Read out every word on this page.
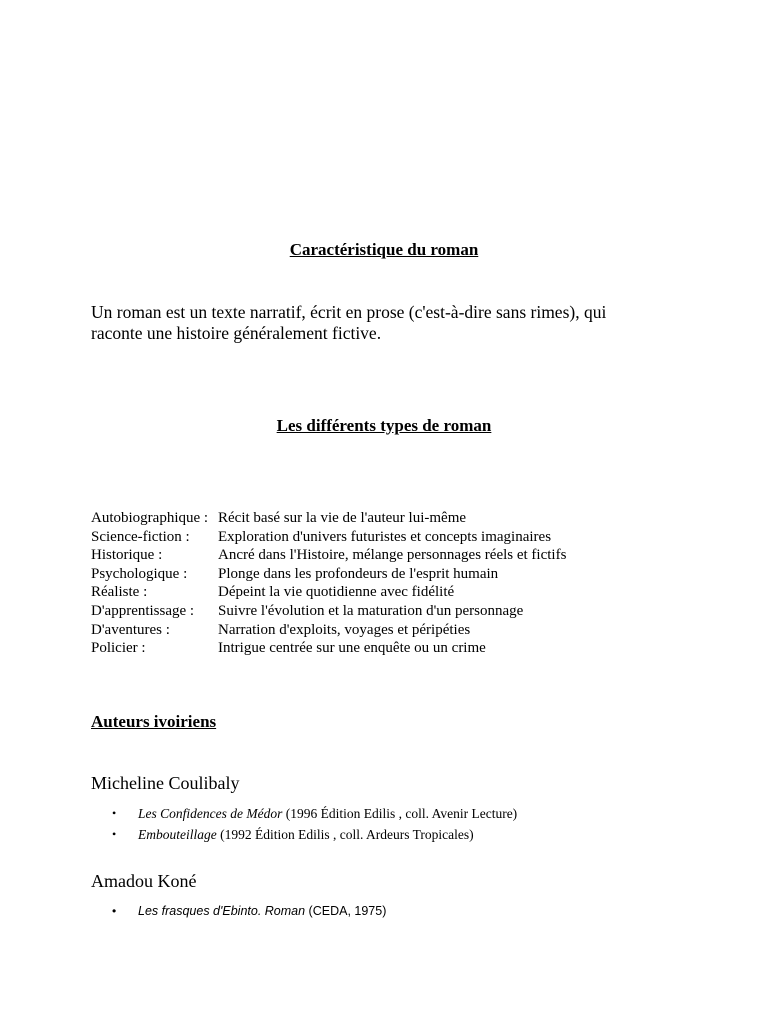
Caractéristique du roman
Un roman est un texte narratif, écrit en prose (c'est-à-dire sans rimes), qui raconte une histoire généralement fictive.
Les différents types de roman
Autobiographique : Récit basé sur la vie de l'auteur lui-même
Science-fiction :	Exploration d'univers futuristes et concepts imaginaires
Historique :	Ancré dans l'Histoire, mélange personnages réels et fictifs
Psychologique :	Plonge dans les profondeurs de l'esprit humain
Réaliste :	Dépeint la vie quotidienne avec fidélité
D'apprentissage :	Suivre l'évolution et la maturation d'un personnage
D'aventures :	Narration d'exploits, voyages et péripéties
Policier :	Intrigue centrée sur une enquête ou un crime
Auteurs ivoiriens
Micheline Coulibaly
• Les Confidences de Médor (1996 Édition Edilis , coll. Avenir Lecture)
• Embouteillage (1992 Édition Edilis , coll. Ardeurs Tropicales)
Amadou Koné
• Les frasques d'Ebinto. Roman (CEDA, 1975)
